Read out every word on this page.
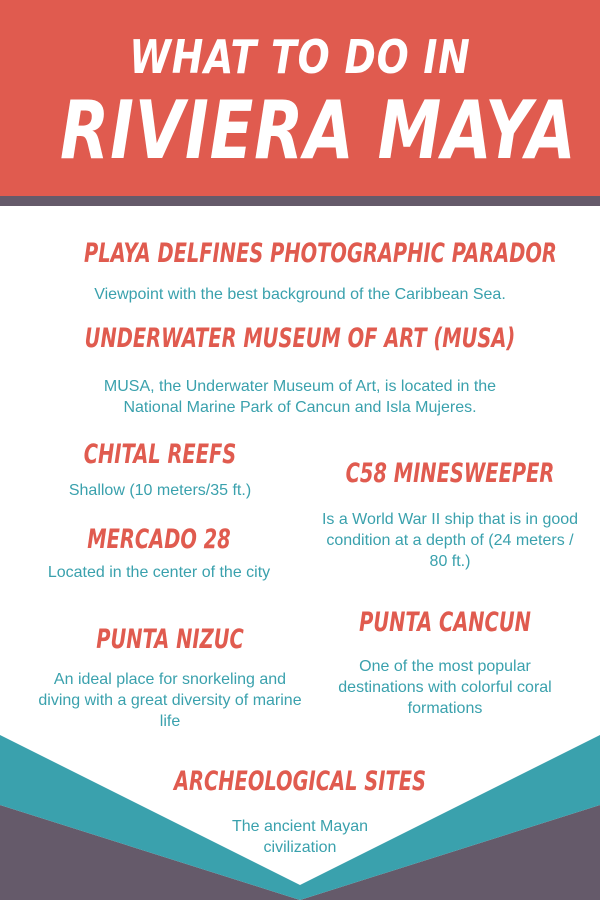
WHAT TO DO IN
RIVIERA MAYA
PLAYA DELFINES PHOTOGRAPHIC PARADOR
Viewpoint with the best background of the Caribbean Sea.
UNDERWATER MUSEUM OF ART (MUSA)
MUSA, the Underwater Museum of Art, is located in the National Marine Park of Cancun and Isla Mujeres.
CHITAL REEFS
Shallow (10 meters/35 ft.)
C58 MINESWEEPER
Is a World War II ship that is in good condition at a depth of (24 meters / 80 ft.)
MERCADO 28
Located in the center of the city
PUNTA NIZUC
An ideal place for snorkeling and diving with a great diversity of marine life
PUNTA CANCUN
One of the most popular destinations with colorful coral formations
ARCHEOLOGICAL SITES
The ancient Mayan civilization
